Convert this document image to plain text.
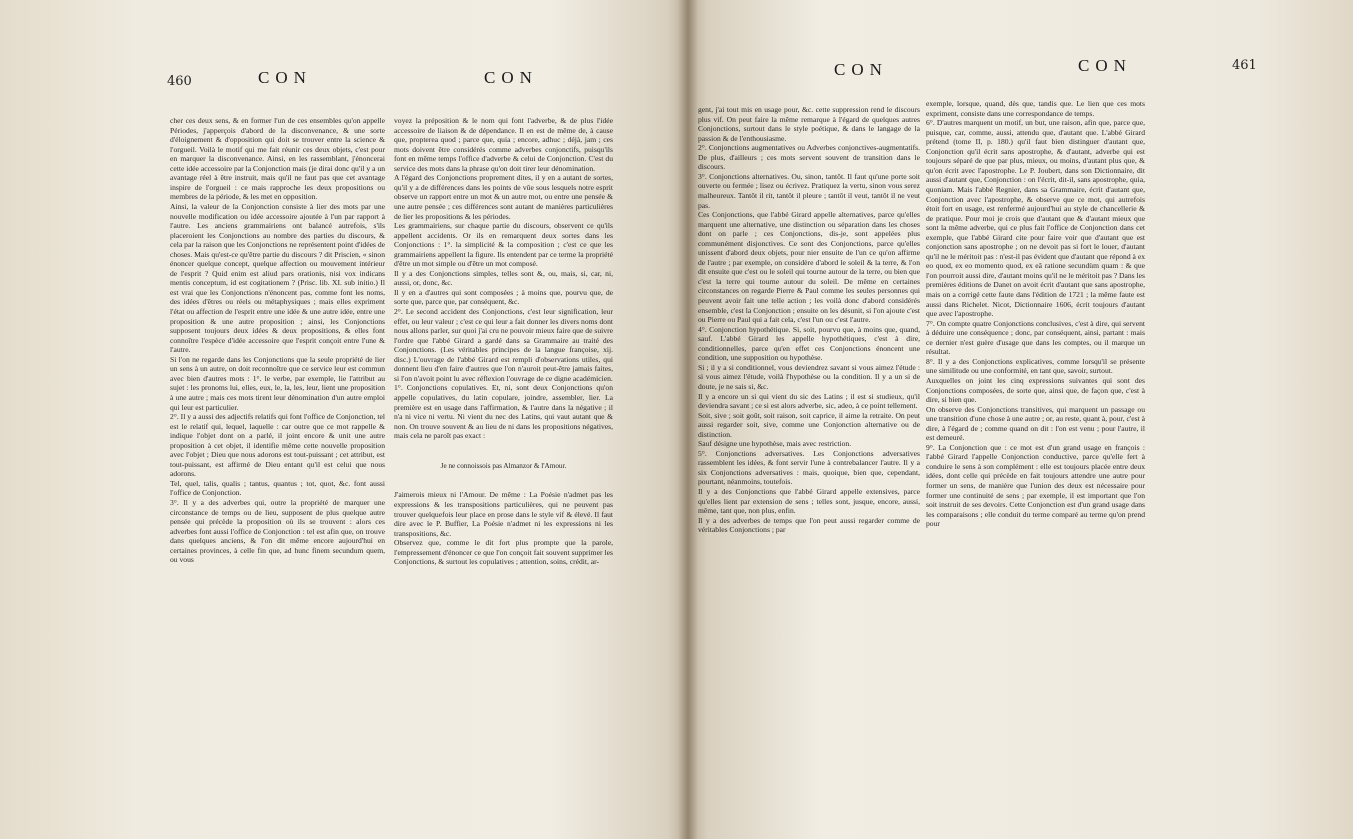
460	CON	CON

cher ces deux sens, & en former l'un de ces ensembles qu'on appelle Périodes, j'apperçois d'abord de la disconvenance, & une sorte d'éloignement & d'opposition qui doit se trouver entre la science & l'orgueil. Voilà le motif qui me fait réunir ces deux objets, c'est pour en marquer la disconvenance. Ainsi, en les rassemblant, j'énoncerai cette idée accessoire par la Conjonction mais (je dirai donc qu'il y a un avantage réel à être instruit, mais qu'il ne faut pas que cet avantage inspire de l'orgueil : ce mais rapproche les deux propositions ou membres de la période, & les met en opposition.
Ainsi, la valeur de la Conjonction consiste à lier des mots par une nouvelle modification ou idée accessoire ajoutée à l'un par rapport à l'autre. Les anciens grammairiens ont balancé autrefois, s'ils placeroient les Conjonctions au nombre des parties du discours, & cela par la raison que les Conjonctions ne représentent point d'idées de choses. Mais qu'est-ce qu'être partie du discours ? dit Priscien, « sinon énoncer quelque concept, quelque affection ou mouvement intérieur de l'esprit ? Quid enim est aliud pars orationis, nisi vox indicans mentis conceptum, id est cogitationem ? (Prisc. lib. XI. sub initio.) Il est vrai que les Conjonctions n'énoncent pas, comme font les noms, des idées d'êtres ou réels ou métaphysiques ; mais elles expriment l'état ou affection de l'esprit entre une idée & une autre idée, entre une proposition & une autre proposition ; ainsi, les Conjonctions supposent toujours deux idées & deux propositions, & elles font connoître l'espèce d'idée accessoire que l'esprit conçoit entre l'une & l'autre.
Si l'on ne regarde dans les Conjonctions que la seule propriété de lier un sens à un autre, on doit reconnoître que ce service leur est commun avec bien d'autres mots : 1°. le verbe, par exemple, lie l'attribut au sujet : les pronoms lui, elles, eux, le, la, les, leur, lient une proposition à une autre ; mais ces mots tirent leur dénomination d'un autre emploi qui leur est particulier.
2°. Il y a aussi des adjectifs relatifs qui font l'office de Conjonction, tel est le relatif qui, lequel, laquelle : car outre que ce mot rappelle & indique l'objet dont on a parlé, il joint encore & unit une autre proposition à cet objet, il identifie même cette nouvelle proposition avec l'objet ; Dieu que nous adorons est tout-puissant ; cet attribut, est tout-puissant, est affirmé de Dieu entant qu'il est celui que nous adorons.
Tel, quel, talis, qualis ; tantus, quantus ; tot, quot, &c. font aussi l'office de Conjonction.
3°. Il y a des adverbes qui, outre la propriété de marquer une circonstance de temps ou de lieu, supposent de plus quelque autre pensée qui précède la proposition où ils se trouvent : alors ces adverbes font aussi l'office de Conjonction : tel est afin que, on trouve dans quelques anciens, & l'on dit même encore aujourd'hui en certaines provinces, à celle fin que, ad hunc finem secundum quem, ou vous

voyez la préposition & le nom qui font l'adverbe, & de plus l'idée accessoire de liaison & de dépendance. Il en est de même de, à cause que, propterea quod ; parce que, quia ; encore, adhuc ; déjà, jam ; ces mots doivent être considérés comme adverbes conjonctifs, puisqu'ils font en même temps l'office d'adverbe & celui de Conjonction. C'est du service des mots dans la phrase qu'on doit tirer leur dénomination.
A l'égard des Conjonctions proprement dites, il y en a autant de sortes, qu'il y a de différences dans les points de vûe sous lesquels notre esprit observe un rapport entre un mot & un autre mot, ou entre une pensée & une autre pensée ; ces différences sont autant de manières particulières de lier les propositions & les périodes.
Les grammairiens, sur chaque partie du discours, observent ce qu'ils appellent accidents. Or ils en remarquent deux sortes dans les Conjonctions : 1°. la simplicité & la composition ; c'est ce que les grammairiens appellent la figure. Ils entendent par ce terme la propriété d'être un mot simple ou d'être un mot composé.
Il y a des Conjonctions simples, telles sont &, ou, mais, si, car, ni, aussi, or, donc, &c.
Il y en a d'autres qui sont composées ; à moins que, pourvu que, de sorte que, parce que, par conséquent, &c.
2°. Le second accident des Conjonctions, c'est leur signification, leur effet, ou leur valeur ; c'est ce qui leur a fait donner les divers noms dont nous allons parler, sur quoi j'ai cru ne pouvoir mieux faire que de suivre l'ordre que l'abbé Girard a gardé dans sa Grammaire au traité des Conjonctions. (Les véritables principes de la langue françoise, xij. disc.) L'ouvrage de l'abbé Girard est rempli d'observations utiles, qui donnent lieu d'en faire d'autres que l'on n'auroit peut-être jamais faites, si l'on n'avoit point lu avec réflexion l'ouvrage de ce digne académicien.
1°. Conjonctions copulatives. Et, ni, sont deux Conjonctions qu'on appelle copulatives, du latin copulare, joindre, assembler, lier. La première est en usage dans l'affirmation, & l'autre dans la négative ; il n'a ni vice ni vertu. Ni vient du nec des Latins, qui vaut autant que & non. On trouve souvent & au lieu de ni dans les propositions négatives, mais cela ne paroît pas exact :

Je ne connoissois pas Almanzor & l'Amour.

J'aimerois mieux ni l'Amour. De même : La Poésie n'admet pas les expressions & les transpositions particulières, qui ne peuvent pas trouver quelquefois leur place en prose dans le style vif & élevé. Il faut dire avec le P. Buffier, La Poésie n'admet ni les expressions ni les transpositions, &c.
Observez que, comme le dit fort plus prompte que la parole, l'empressement d'énoncer ce que l'on conçoit fait souvent supprimer les Conjonctions, & surtout les copulatives ; attention, soins, crédit, ar-

CON	CON	461

gent, j'ai tout mis en usage pour, &c. cette suppression rend le discours plus vif. On peut faire la même remarque à l'égard de quelques autres Conjonctions, surtout dans le style poétique, & dans le langage de la passion & de l'enthousiasme.
2°. Conjonctions augmentatives ou Adverbes conjonctives-augmentatifs. De plus, d'ailleurs ; ces mots servent souvent de transition dans le discours.
3°. Conjonctions alternatives. Ou, sinon, tantôt. Il faut qu'une porte soit ouverte ou fermée ; lisez ou écrivez. Pratiquez la vertu, sinon vous serez malheureux. Tantôt il rit, tantôt il pleure ; tantôt il veut, tantôt il ne veut pas.
Ces Conjonctions, que l'abbé Girard appelle alternatives, parce qu'elles marquent une alternative, une distinction ou séparation dans les choses dont on parle ; ces Conjonctions, dis-je, sont appelées plus communément disjonctives. Ce sont des Conjonctions, parce qu'elles unissent d'abord deux objets, pour nier ensuite de l'un ce qu'on affirme de l'autre ; par exemple, on considère d'abord le soleil & la terre, & l'on dit ensuite que c'est ou le soleil qui tourne autour de la terre, ou bien que c'est la terre qui tourne autour du soleil. De même en certaines circonstances on regarde Pierre & Paul comme les seules personnes qui peuvent avoir fait une telle action ; les voilà donc d'abord considérés ensemble, c'est la Conjonction ; ensuite on les désunit, si l'on ajoute c'est ou Pierre ou Paul qui a fait cela, c'est l'un ou c'est l'autre.
4°. Conjonction hypothétique. Si, soit, pourvu que, à moins que, quand, sauf. L'abbé Girard les appelle hypothétiques, c'est à dire, conditionnelles, parce qu'en effet ces Conjonctions énoncent une condition, une supposition ou hypothèse.
Si ; il y a si conditionnel, vous deviendrez savant si vous aimez l'étude : si vous aimez l'étude, voilà l'hypothèse ou la condition. Il y a un si de doute, je ne sais si, &c.
Il y a encore un si qui vient du sic des Latins ; il est si studieux, qu'il deviendra savant ; ce si est alors adverbe, sic, adeo, à ce point tellement.
Soit, sive ; soit goût, soit raison, soit caprice, il aime la retraite. On peut aussi regarder soit, sive, comme une Conjonction alternative ou de distinction.
Sauf désigne une hypothèse, mais avec restriction.
5°. Conjonctions adversatives. Les Conjonctions adversatives rassemblent les idées, & font servir l'une à contrebalancer l'autre. Il y a six Conjonctions adversatives : mais, quoique, bien que, cependant, pourtant, néanmoins, toutefois.
Il y a des Conjonctions que l'abbé Girard appelle extensives, parce qu'elles lient par extension de sens ; telles sont, jusque, encore, aussi, même, tant que, non plus, enfin.
Il y a des adverbes de temps que l'on peut aussi regarder comme de véritables Conjonctions ; par

exemple, lorsque, quand, dès que, tandis que. Le lien que ces mots expriment, consiste dans une correspondance de temps.
6°. D'autres marquent un motif, un but, une raison, afin que, parce que, puisque, car, comme, aussi, attendu que, d'autant que. L'abbé Girard prétend (tome II, p. 180.) qu'il faut bien distinguer d'autant que, Conjonction qu'il écrit sans apostrophe, & d'autant, adverbe qui est toujours séparé de que par plus, mieux, ou moins, d'autant plus que, & qu'on écrit avec l'apostrophe. Le P. Joubert, dans son Dictionnaire, dit aussi d'autant que, Conjonction : on l'écrit, dit-il, sans apostrophe, quia, quoniam. Mais l'abbé Regnier, dans sa Grammaire, écrit d'autant que, Conjonction avec l'apostrophe, & observe que ce mot, qui autrefois étoit fort en usage, est renfermé aujourd'hui au style de chancellerie & de pratique. Pour moi je crois que d'autant que & d'autant mieux que sont la même adverbe, qui ce plus fait l'office de Conjonction dans cet exemple, que l'abbé Girard cite pour faire voir que d'autant que est conjonction sans apostrophe ; on ne devoit pas si fort le louer, d'autant qu'il ne le méritoit pas : n'est-il pas évident que d'autant que répond à ex eo quod, ex eo momento quod, ex eâ ratione secundùm quam : & que l'on pourroit aussi dire, d'autant moins qu'il ne le méritoit pas ? Dans les premières éditions de Danet on avoit écrit d'autant que sans apostrophe, mais on a corrigé cette faute dans l'édition de 1721 ; la même faute est aussi dans Richelet. Nicot, Dictionnaire 1606, écrit toujours d'autant que avec l'apostrophe.
7°. On compte quatre Conjonctions conclusives, c'est à dire, qui servent à déduire une conséquence ; donc, par conséquent, ainsi, partant : mais ce dernier n'est guère d'usage que dans les comptes, ou il marque un résultat.
8°. Il y a des Conjonctions explicatives, comme lorsqu'il se présente une similitude ou une conformité, en tant que, savoir, surtout.
Auxquelles on joint les cinq expressions suivantes qui sont des Conjonctions composées, de sorte que, ainsi que, de façon que, c'est à dire, si bien que.
On observe des Conjonctions transitives, qui marquent un passage ou une transition d'une chose à une autre ; or, au reste, quant à, pour, c'est à dire, à l'égard de ; comme quand on dit : l'on est venu ; pour l'autre, il est demeuré.
9°. La Conjonction que : ce mot est d'un grand usage en françois : l'abbé Girard l'appelle Conjonction conductive, parce qu'elle fert à conduire le sens à son complément : elle est toujours placée entre deux idées, dont celle qui précède en fait toujours attendre une autre pour former un sens, de manière que l'union des deux est nécessaire pour former une continuité de sens ; par exemple, il est important que l'on soit instruit de ses devoirs. Cette Conjonction est d'un grand usage dans les comparaisons ; elle conduit du terme comparé au terme qu'on prend pour
